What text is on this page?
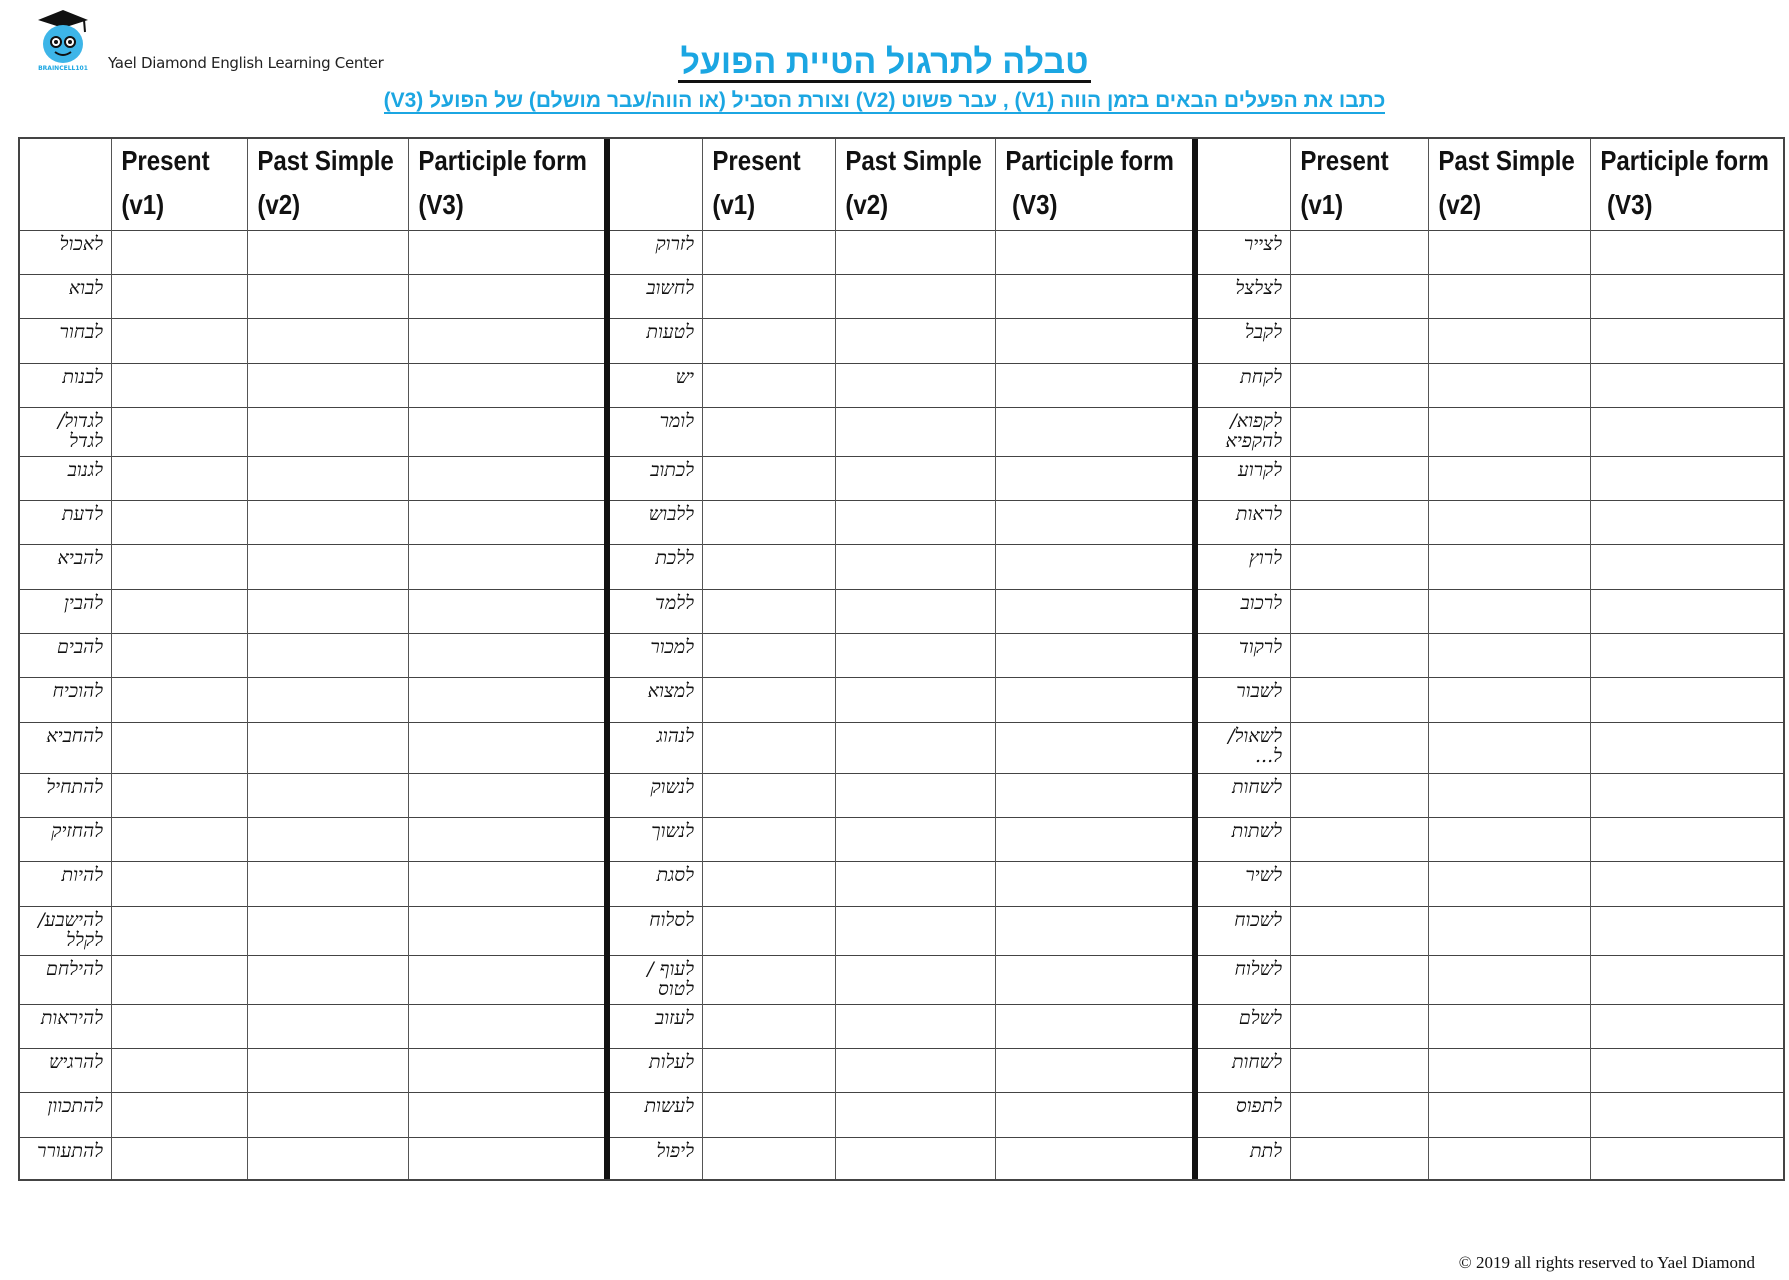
BRAINCELL101 Yael Diamond English Learning Center	טבלה לתרגול הטיית הפועל
כתבו את הפעלים הבאים בזמן הווה (V1) , עבר פשוט (V2) וצורת הסביל (או הווה/עבר מושלם) של הפועל (V3)
Present
(v1)
Past Simple
(v2)
Participle form
(V3)
Present
(v1)
Past Simple
(v2)
Participle form
(V3)
Present
(v1)
Past Simple
(v2)
Participle form
(V3)
לאכול
לבוא
לבחור
לבנות
לגדול/ לגדל
לגנוב
לדעת
להביא
להבין
להבים
להוכיח
להחביא
להתחיל
להחזיק
להיות
להישבע/ לקלל
להילחם
להיראות
להרגיש
להתכוון
להתעורר
לזרוק
לחשוב
לטעות
יש
לומר
לכתוב
ללבוש
ללכת
ללמד
למכור
למצוא
לנהוג
לנשוק
לנשוך
לסגת
לסלוח
לעוף / לטוס
לעזוב
לעלות
לעשות
ליפול
לצייר
לצלצל
לקבל
לקחת
לקפוא/ להקפיא
לקרוע
לראות
לרוץ
לרכוב
לרקוד
לשבור
לשאול/ ל...
לשחות
לשתות
לשיר
לשכוח
לשלוח
לשלם
לשחות
לתפוס
לתת
© 2019 all rights reserved to Yael Diamond
